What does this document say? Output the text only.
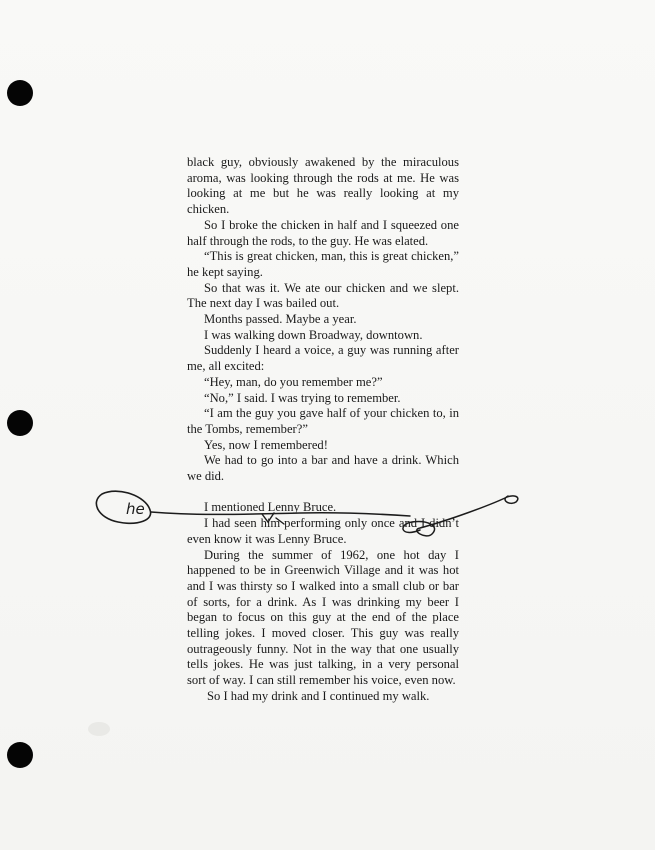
black guy, obviously awakened by the miraculous aroma, was looking through the rods at me. He was looking at me but he was really looking at my chicken.

So I broke the chicken in half and I squeezed one half through the rods, to the guy. He was elated.

“This is great chicken, man, this is great chicken,” he kept saying.

So that was it. We ate our chicken and we slept. The next day I was bailed out.

Months passed. Maybe a year.

I was walking down Broadway, downtown.

Suddenly I heard a voice, a guy was running after me, all excited:

“Hey, man, do you remember me?”

“No,” I said. I was trying to remember.

“I am the guy you gave half of your chicken to, in the Tombs, remember?”

Yes, now I remembered!

We had to go into a bar and have a drink. Which we did.

I mentioned Lenny Bruce.

I had seen him performing only once and I didn’t even know it was Lenny Bruce.

During the summer of 1962, one hot day I happened to be in Greenwich Village and it was hot and I was thirsty so I walked into a small club or bar of sorts, for a drink. As I was drinking my beer I began to focus on this guy at the end of the place telling jokes. I moved closer. This guy was really outrageously funny. Not in the way that one usually tells jokes. He was just talking, in a very personal sort of way. I can still remember his voice, even now.

So I had my drink and I continued my walk.

he
